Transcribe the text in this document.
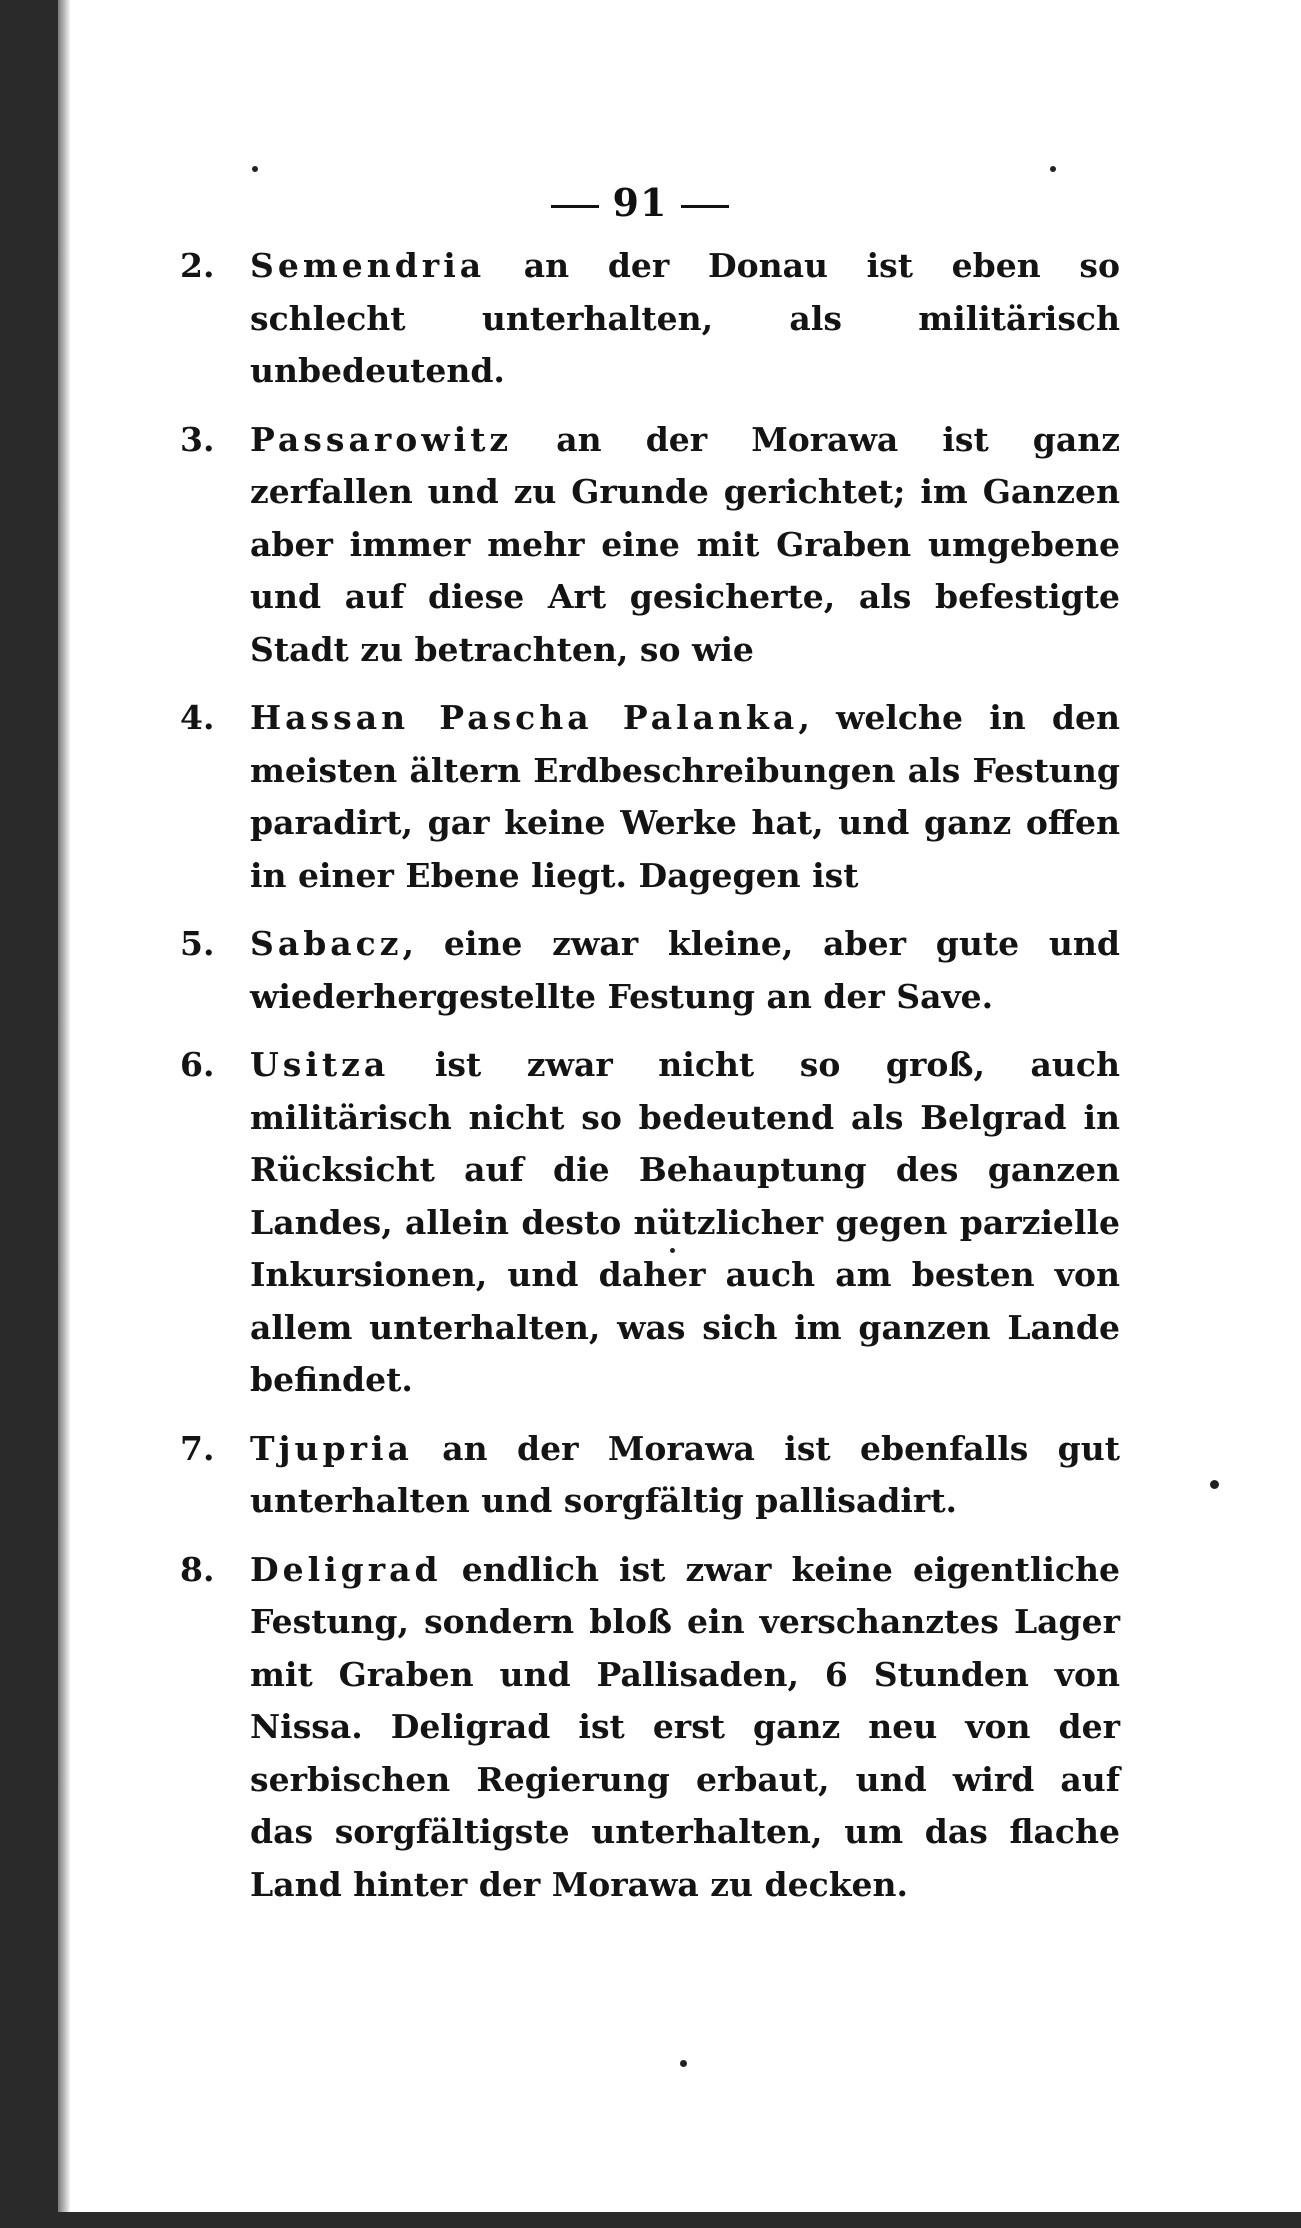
91
2.	Semendria an der Donau ist eben so schlecht unterhalten, als militärisch unbedeutend.
3.	Passarowitz an der Morawa ist ganz zerfallen und zu Grunde gerichtet; im Ganzen aber immer mehr eine mit Graben umgebene und auf diese Art gesicherte, als befestigte Stadt zu betrachten, so wie
4.	Hassan Pascha Palanka, welche in den meisten ältern Erdbeschreibungen als Festung paradirt, gar keine Werke hat, und ganz offen in einer Ebene liegt. Dagegen ist
5.	Sabacz, eine zwar kleine, aber gute und wiederhergestellte Festung an der Save.
6.	Usitza ist zwar nicht so groß, auch militärisch nicht so bedeutend als Belgrad in Rücksicht auf die Behauptung des ganzen Landes, allein desto nützlicher gegen parzielle Inkursionen, und daher auch am besten von allem unterhalten, was sich im ganzen Lande befindet.
7.	Tjupria an der Morawa ist ebenfalls gut unterhalten und sorgfältig pallisadirt.
8.	Deligrad endlich ist zwar keine eigentliche Festung, sondern bloß ein verschanztes Lager mit Graben und Pallisaden, 6 Stunden von Nissa. Deligrad ist erst ganz neu von der serbischen Regierung erbaut, und wird auf das sorgfältigste unterhalten, um das flache Land hinter der Morawa zu decken.
